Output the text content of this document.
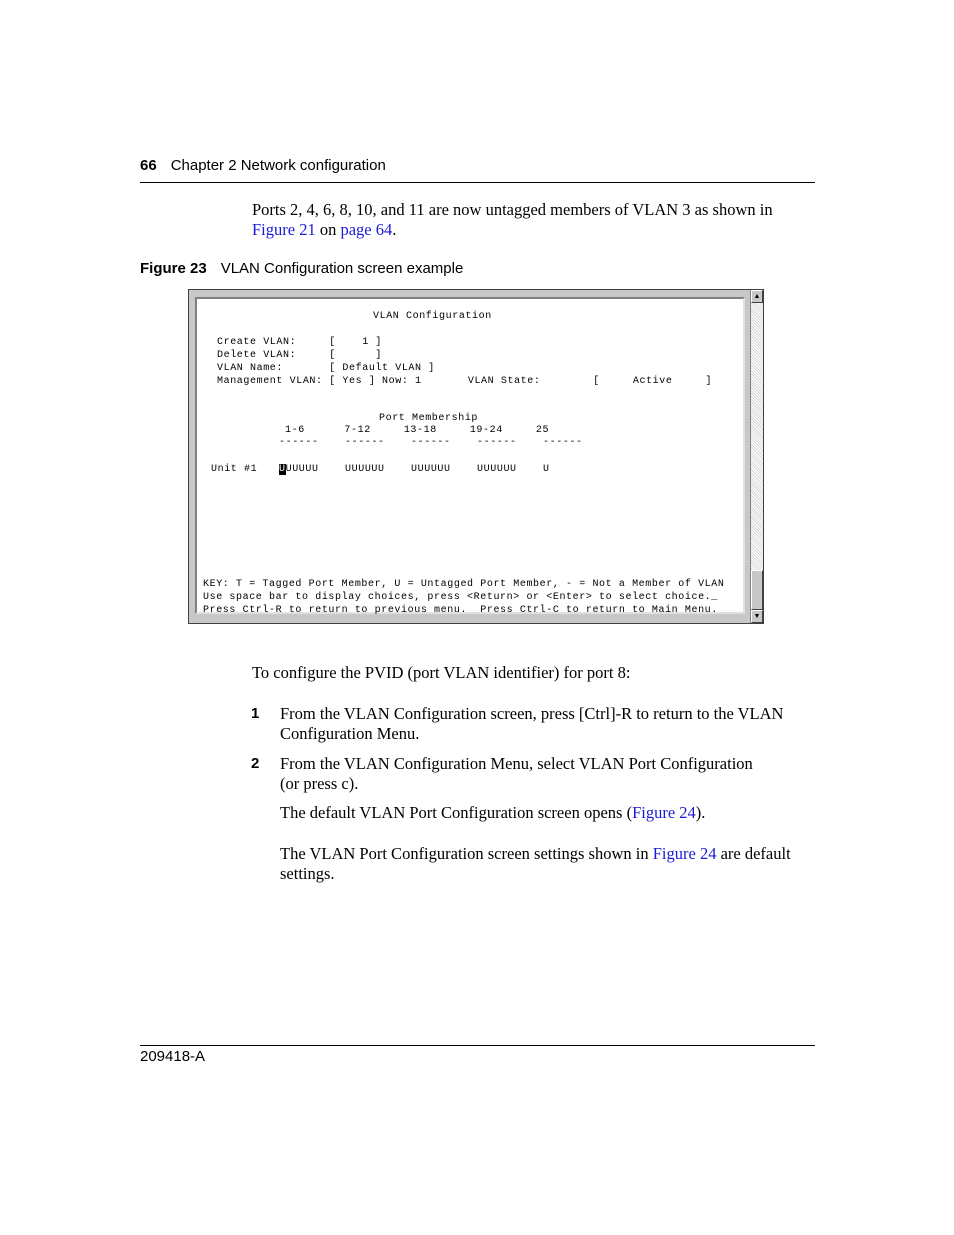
66 Chapter 2 Network configuration
Ports 2, 4, 6, 8, 10, and 11 are now untagged members of VLAN 3 as shown in Figure 21 on page 64.
Figure 23 VLAN Configuration screen example
VLAN Configuration
Create VLAN:     [    1 ]
Delete VLAN:     [      ]
VLAN Name:       [ Default VLAN ]
Management VLAN: [ Yes ] Now: 1       VLAN State:        [     Active     ]
Port Membership
1-6      7-12     13-18     19-24     25
------    ------    ------    ------    ------
Unit #1 UUUUUU    UUUUUU    UUUUUU    UUUUUU    U
KEY: T = Tagged Port Member, U = Untagged Port Member, - = Not a Member of VLAN
Use space bar to display choices, press <Return> or <Enter> to select choice._
Press Ctrl-R to return to previous menu.  Press Ctrl-C to return to Main Menu.
▲
▼
To configure the PVID (port VLAN identifier) for port 8:
1 From the VLAN Configuration screen, press [Ctrl]-R to return to the VLAN Configuration Menu.
2 From the VLAN Configuration Menu, select VLAN Port Configuration
(or press c).
The default VLAN Port Configuration screen opens (Figure 24).
The VLAN Port Configuration screen settings shown in Figure 24 are default settings.
209418-A
